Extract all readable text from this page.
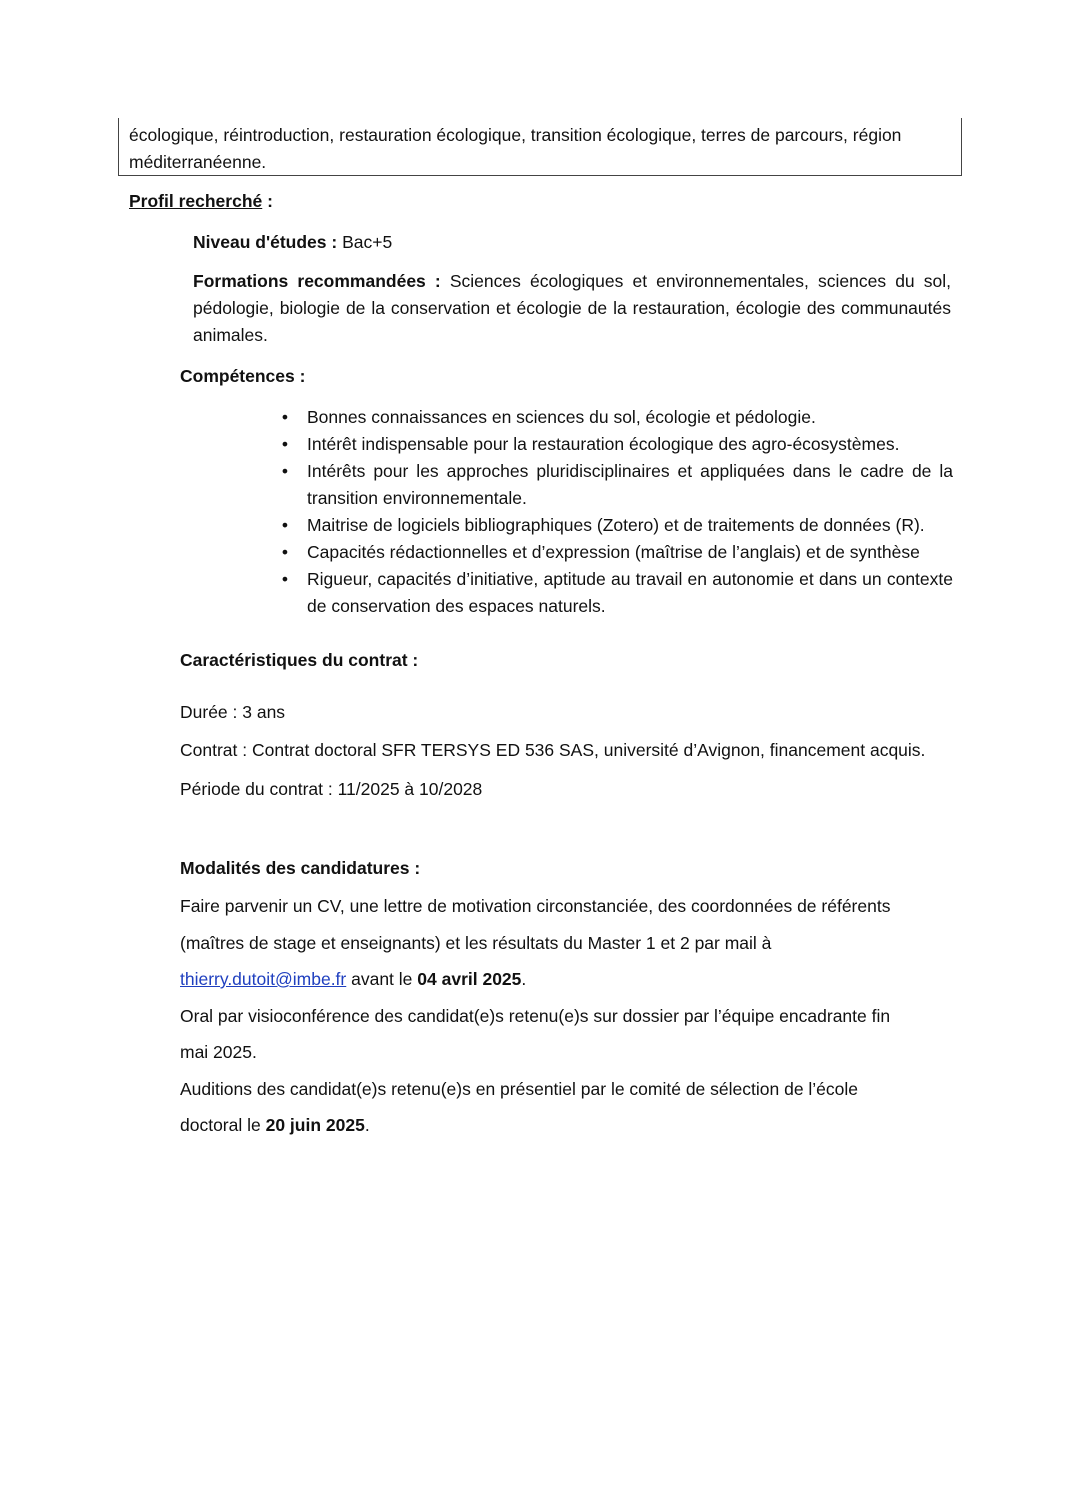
écologique, réintroduction, restauration écologique, transition écologique, terres de parcours, région méditerranéenne.
Profil recherché :
Niveau d'études : Bac+5
Formations recommandées : Sciences écologiques et environnementales, sciences du sol, pédologie, biologie de la conservation et écologie de la restauration, écologie des communautés animales.
Compétences :
•	Bonnes connaissances en sciences du sol, écologie et pédologie.
•	Intérêt indispensable pour la restauration écologique des agro-écosystèmes.
•	Intérêts pour les approches pluridisciplinaires et appliquées dans le cadre de la transition environnementale.
•	Maitrise de logiciels bibliographiques (Zotero) et de traitements de données (R).
•	Capacités rédactionnelles et d’expression (maîtrise de l’anglais) et de synthèse
•	Rigueur, capacités d’initiative, aptitude au travail en autonomie et dans un contexte de conservation des espaces naturels.
Caractéristiques du contrat :
Durée : 3 ans
Contrat : Contrat doctoral SFR TERSYS ED 536 SAS, université d’Avignon, financement acquis.
Période du contrat : 11/2025 à 10/2028
Modalités des candidatures :
Faire parvenir un CV, une lettre de motivation circonstanciée, des coordonnées de référents
(maîtres de stage et enseignants) et les résultats du Master 1 et 2 par mail à
thierry.dutoit@imbe.fr avant le 04 avril 2025.
Oral par visioconférence des candidat(e)s retenu(e)s sur dossier par l’équipe encadrante fin
mai 2025.
Auditions des candidat(e)s retenu(e)s en présentiel par le comité de sélection de l’école
doctoral le 20 juin 2025.
